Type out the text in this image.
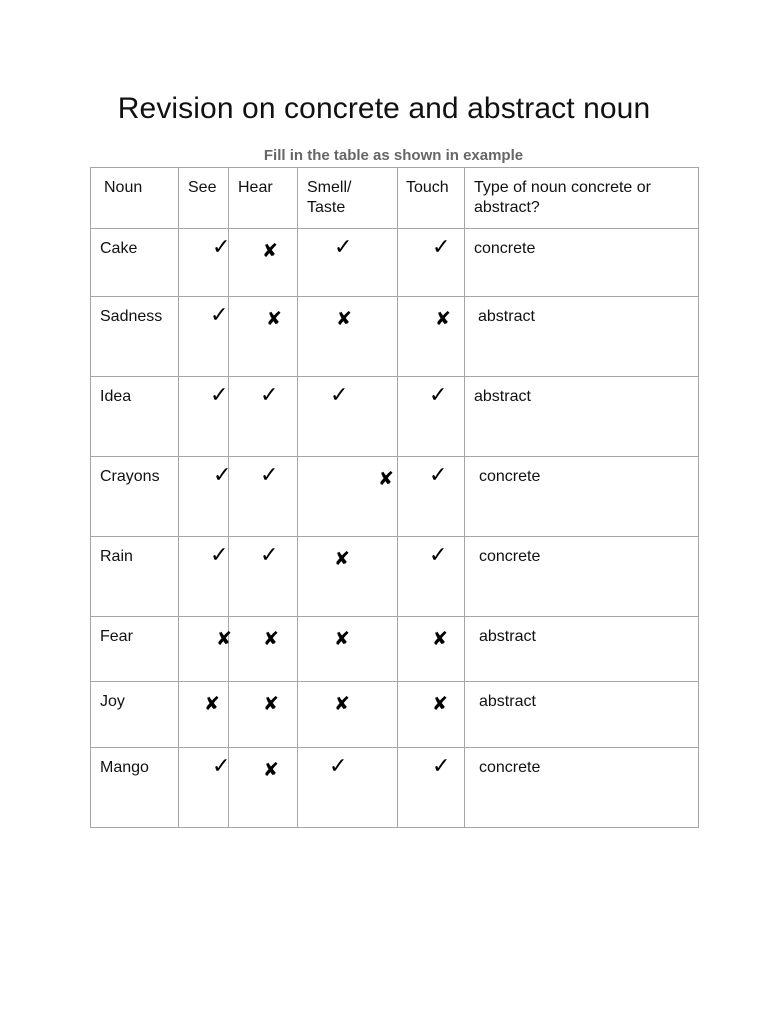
Revision on concrete and abstract noun

Fill in the table as shown in example

Noun	See	Hear	Smell/ Taste	Touch	Type of noun concrete or abstract?

Cake	✓	✘	✓	✓	concrete

Sadness	✓	✘	✘	✘	abstract

Idea	✓	✓	✓	✓	abstract

Crayons	✓	✓	✘	✓	concrete

Rain	✓	✓	✘	✓	concrete

Fear	✘	✘	✘	✘	abstract

Joy	✘	✘	✘	✘	abstract

Mango	✓	✘	✓	✓	concrete
